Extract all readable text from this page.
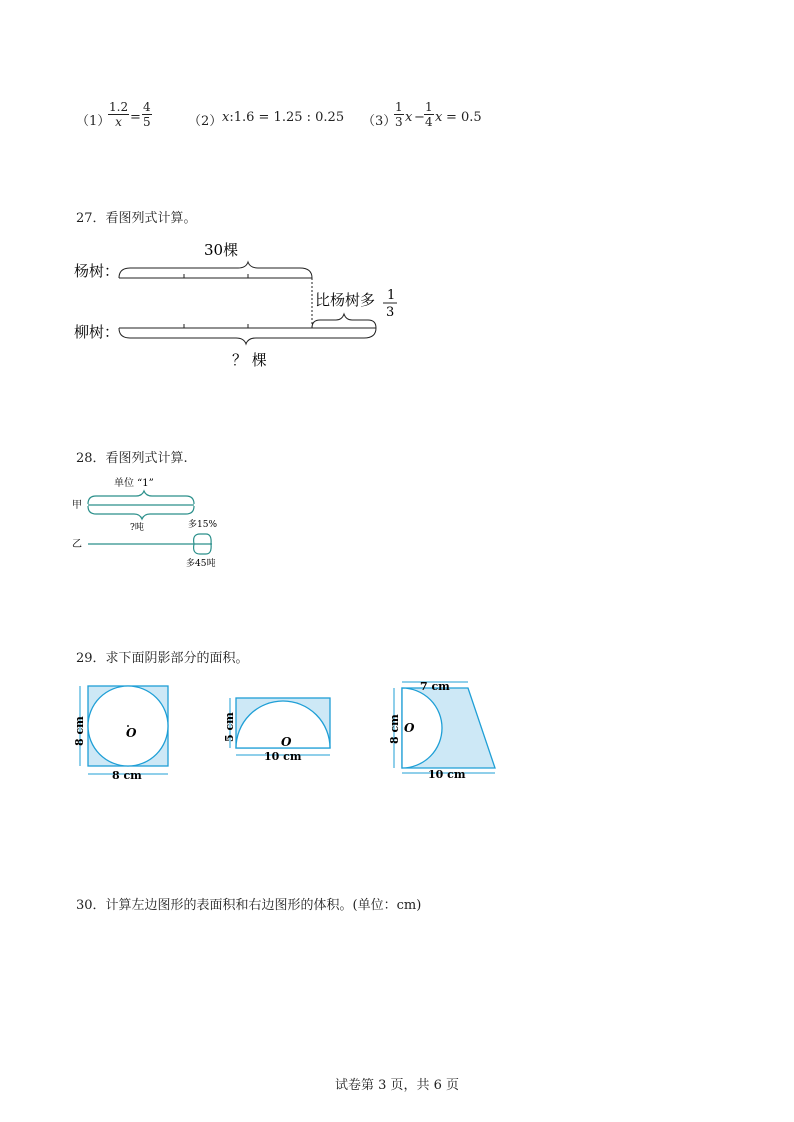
（1）
$\frac{1.2}{x} = \frac{4}{5}$	（2） x:1.6 = 1.25 : 0.25 （3）
$\frac{1}{3}$ $x - \frac{1}{4}$ x = 0.5
27．看图列式计算。
杨树：
柳树：
30棵
比杨树多 1
3
？ 棵
28．看图列式计算.
甲
乙
单位 “1”
?吨	多15%
多45吨
29．求下面阴影部分的面积。
O
8 cm
8 cm
O
5 cm
10 cm
O
7 cm
8 cm
10 cm
30．计算左边图形的表面积和右边图形的体积。(单位：cm)
试卷第 3 页，共 6 页
